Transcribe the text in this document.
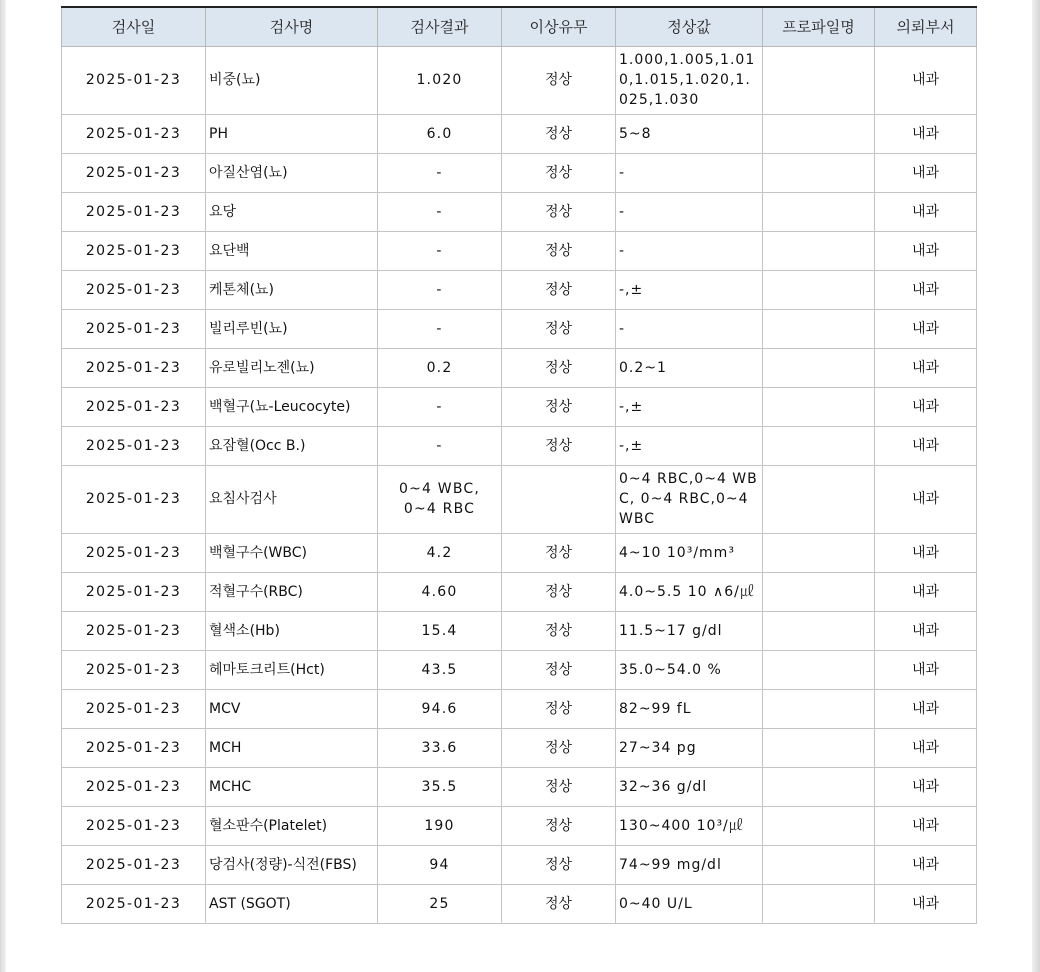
검사일	검사명	검사결과	이상유무	정상값	프로파일명	의뢰부서
2025-01-23	비중(뇨)	1.020	정상	1.000,1.005,1.010,1.015,1.020,1.025,1.030		내과
2025-01-23	PH	6.0	정상	5~8		내과
2025-01-23	아질산염(뇨)	-	정상	-		내과
2025-01-23	요당	-	정상	-		내과
2025-01-23	요단백	-	정상	-		내과
2025-01-23	케톤체(뇨)	-	정상	-,±		내과
2025-01-23	빌리루빈(뇨)	-	정상	-		내과
2025-01-23	유로빌리노젠(뇨)	0.2	정상	0.2~1		내과
2025-01-23	백혈구(뇨-Leucocyte)	-	정상	-,±		내과
2025-01-23	요잠혈(Occ B.)	-	정상	-,±		내과
2025-01-23	요침사검사	0~4 WBC, 0~4 RBC		0~4 RBC,0~4 WBC, 0~4 RBC,0~4 WBC		내과
2025-01-23	백혈구수(WBC)	4.2	정상	4~10 10³/mm³		내과
2025-01-23	적혈구수(RBC)	4.60	정상	4.0~5.5 10 ∧6/㎕		내과
2025-01-23	혈색소(Hb)	15.4	정상	11.5~17 g/dl		내과
2025-01-23	헤마토크리트(Hct)	43.5	정상	35.0~54.0 %		내과
2025-01-23	MCV	94.6	정상	82~99 fL		내과
2025-01-23	MCH	33.6	정상	27~34 pg		내과
2025-01-23	MCHC	35.5	정상	32~36 g/dl		내과
2025-01-23	혈소판수(Platelet)	190	정상	130~400 10³/㎕		내과
2025-01-23	당검사(정량)-식전(FBS)	94	정상	74~99 mg/dl		내과
2025-01-23	AST (SGOT)	25	정상	0~40 U/L		내과
